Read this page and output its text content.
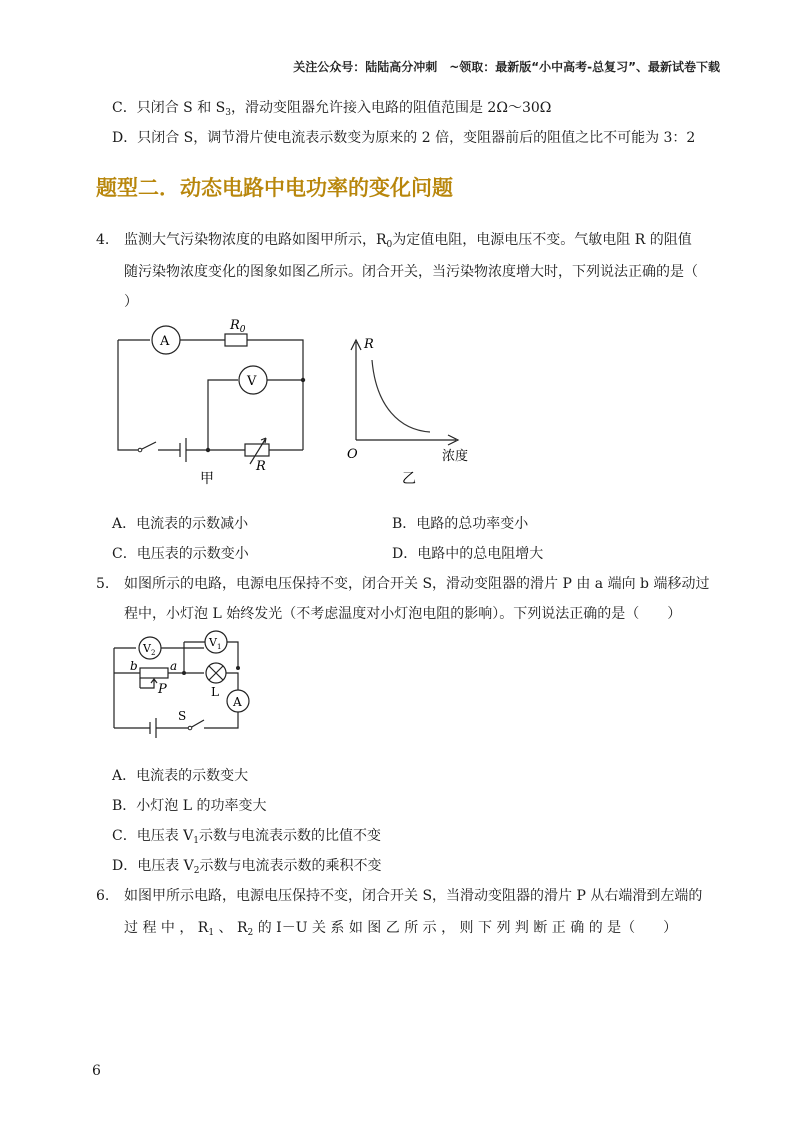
关注公众号：陆陆高分冲刺　~领取：最新版“小中高考-总复习”、最新试卷下载
C．只闭合 S 和 $S_3$，滑动变阻器允许接入电路的阻值范围是 2Ω～30Ω
D．只闭合 S，调节滑片使电流表示数变为原来的 2 倍，变阻器前后的阻值之比不可能为 3：2
题型二．动态电路中电功率的变化问题
4. 监测大气污染物浓度的电路如图甲所示，$R_0$为定值电阻，电源电压不变。气敏电阻 R 的阻值
随污染物浓度变化的图象如图乙所示。闭合开关，当污染物浓度增大时，下列说法正确的是（
）
A
$R_0$
V
R
甲
R
O	浓度
乙
A．电流表的示数减小	B．电路的总功率变小
C．电压表的示数变小	D．电路中的总电阻增大
5. 如图所示的电路，电源电压保持不变，闭合开关 S，滑动变阻器的滑片 P 由 a 端向 b 端移动过
程中，小灯泡 L 始终发光（不考虑温度对小灯泡电阻的影响）。下列说法正确的是（　　）
$V_2$
$V_1$
b	a
P	L
A
S
A．电流表的示数变大
B．小灯泡 L 的功率变大
C．电压表 $V_1$示数与电流表示数的比值不变
D．电压表 $V_2$示数与电流表示数的乘积不变
6. 如图甲所示电路，电源电压保持不变，闭合开关 S，当滑动变阻器的滑片 P 从右端滑到左端的
过 程 中 ， $R_1$ 、 $R_2$ 的 I－U 关 系 如 图 乙 所 示 ， 则 下 列 判 断 正 确 的 是（　　）
6
